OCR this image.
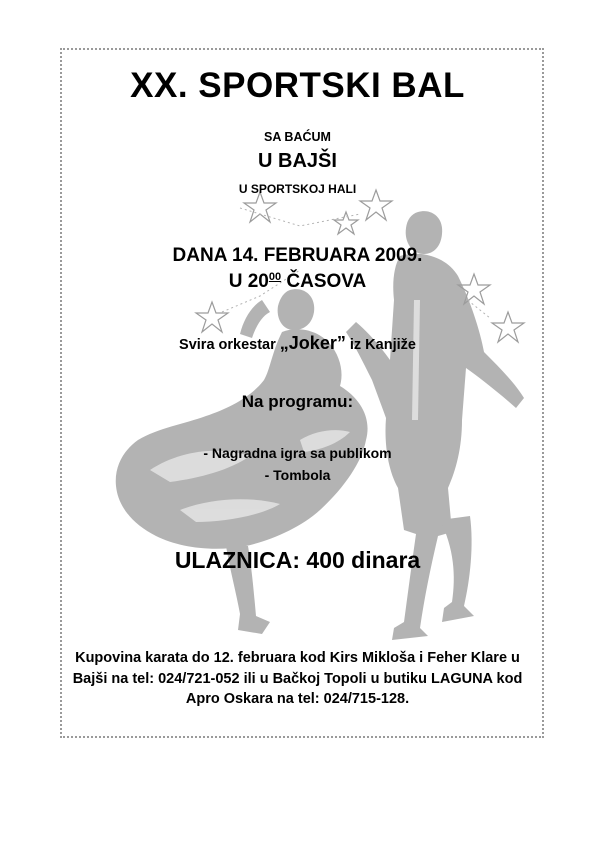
XX. SPORTSKI BAL
SA BAĆUM
U BAJŠI
U SPORTSKOJ HALI
DANA 14. FEBRUARA 2009.
U $20^{00}$ ČASOVA
Svira orkestar „Joker” iz Kanjiže
Na programu:
- Nagradna igra sa publikom
- Tombola
ULAZNICA: 400 dinara
Kupovina karata do 12. februara kod Kirs Mikloša i Feher Klare u Bajši na tel: 024/721-052 ili u Bačkoj Topoli u butiku LAGUNA kod Apro Oskara na tel: 024/715-128.
